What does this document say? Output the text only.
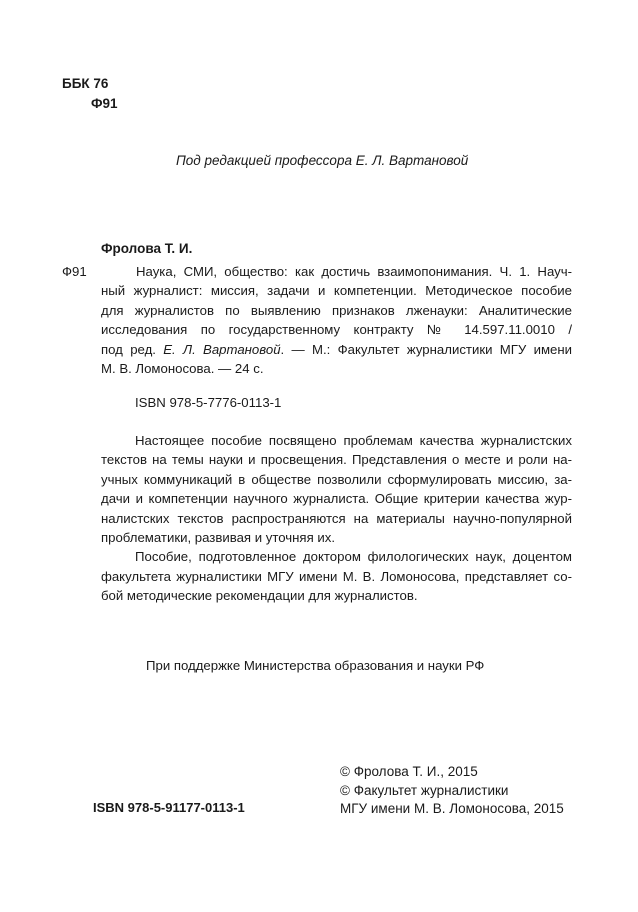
ББК 76
Ф91
Под редакцией профессора Е. Л. Вартановой
Фролова Т. И.
Ф91	Наука, СМИ, общество: как достичь взаимопонимания. Ч. 1. Науч-
ный журналист: миссия, задачи и компетенции. Методическое пособие
для журналистов по выявлению признаков лженауки: Аналитические
исследования по государственному контракту № 14.597.11.0010 /
под ред. Е. Л. Вартановой. — М.: Факультет журналистики МГУ имени
М. В. Ломоносова. — 24 с.
ISBN 978-5-7776-0113-1
Настоящее пособие посвящено проблемам качества журналистских
текстов на темы науки и просвещения. Представления о месте и роли на-
учных коммуникаций в обществе позволили сформулировать миссию, за-
дачи и компетенции научного журналиста. Общие критерии качества жур-
налистских текстов распространяются на материалы научно-популярной
проблематики, развивая и уточняя их.
Пособие, подготовленное доктором филологических наук, доцентом
факультета журналистики МГУ имени М. В. Ломоносова, представляет со-
бой методические рекомендации для журналистов.
При поддержке Министерства образования и науки РФ
ISBN 978-5-91177-0113-1
© Фролова Т. И., 2015
© Факультет журналистики
МГУ имени М. В. Ломоносова, 2015
